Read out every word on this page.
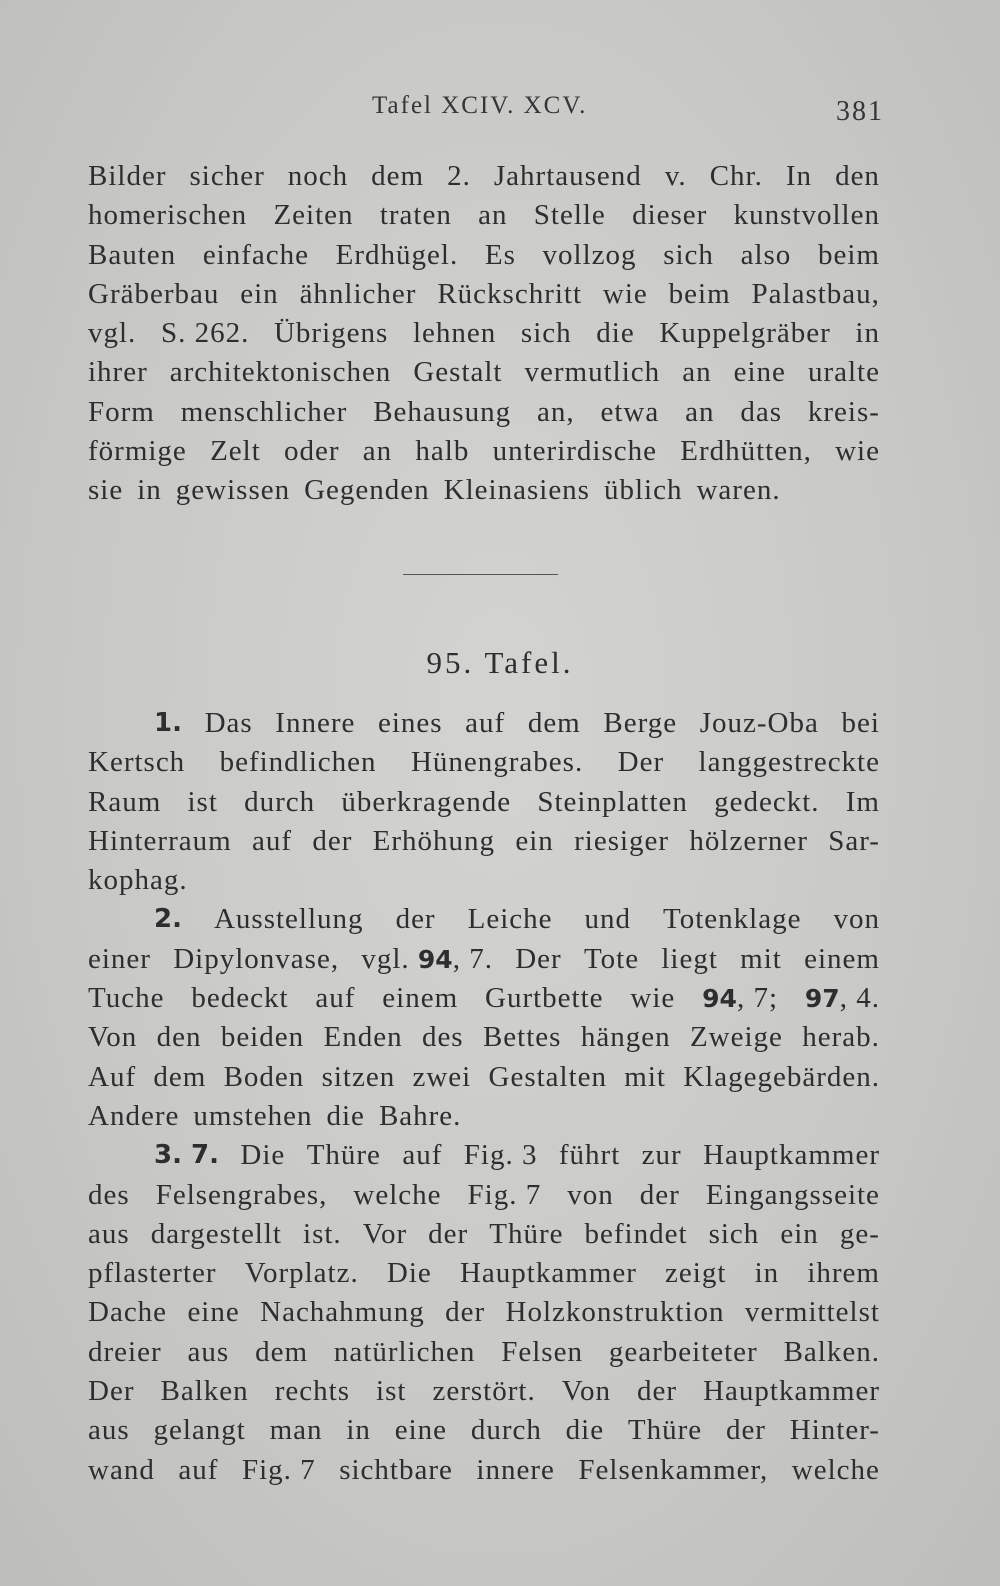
Tafel XCIV. XCV.	381
Bilder sicher noch dem 2. Jahrtausend v. Chr. In den
homerischen Zeiten traten an Stelle dieser kunstvollen
Bauten einfache Erdhügel. Es vollzog sich also beim
Gräberbau ein ähnlicher Rückschritt wie beim Palastbau,
vgl. S. 262. Übrigens lehnen sich die Kuppelgräber in
ihrer architektonischen Gestalt vermutlich an eine uralte
Form menschlicher Behausung an, etwa an das kreis-
förmige Zelt oder an halb unterirdische Erdhütten, wie
sie in gewissen Gegenden Kleinasiens üblich waren.
95. Tafel.
1. Das Innere eines auf dem Berge Jouz-Oba bei
Kertsch befindlichen Hünengrabes. Der langgestreckte
Raum ist durch überkragende Steinplatten gedeckt. Im
Hinterraum auf der Erhöhung ein riesiger hölzerner Sar-
kophag.
2. Ausstellung der Leiche und Totenklage von
einer Dipylonvase, vgl. 94, 7. Der Tote liegt mit einem
Tuche bedeckt auf einem Gurtbette wie 94, 7; 97, 4.
Von den beiden Enden des Bettes hängen Zweige herab.
Auf dem Boden sitzen zwei Gestalten mit Klagegebärden.
Andere umstehen die Bahre.
3. 7. Die Thüre auf Fig. 3 führt zur Hauptkammer
des Felsengrabes, welche Fig. 7 von der Eingangsseite
aus dargestellt ist. Vor der Thüre befindet sich ein ge-
pflasterter Vorplatz. Die Hauptkammer zeigt in ihrem
Dache eine Nachahmung der Holzkonstruktion vermittelst
dreier aus dem natürlichen Felsen gearbeiteter Balken.
Der Balken rechts ist zerstört. Von der Hauptkammer
aus gelangt man in eine durch die Thüre der Hinter-
wand auf Fig. 7 sichtbare innere Felsenkammer, welche
